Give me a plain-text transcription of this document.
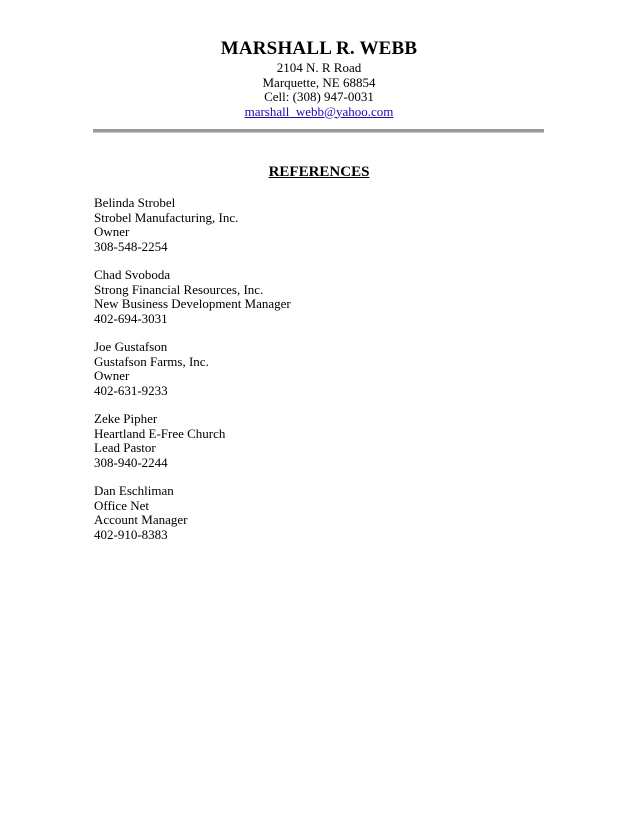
MARSHALL R. WEBB
2104 N. R Road
Marquette, NE 68854
Cell: (308) 947-0031
marshall_webb@yahoo.com
REFERENCES
Belinda Strobel
Strobel Manufacturing, Inc.
Owner
308-548-2254
Chad Svoboda
Strong Financial Resources, Inc.
New Business Development Manager
402-694-3031
Joe Gustafson
Gustafson Farms, Inc.
Owner
402-631-9233
Zeke Pipher
Heartland E-Free Church
Lead Pastor
308-940-2244
Dan Eschliman
Office Net
Account Manager
402-910-8383
